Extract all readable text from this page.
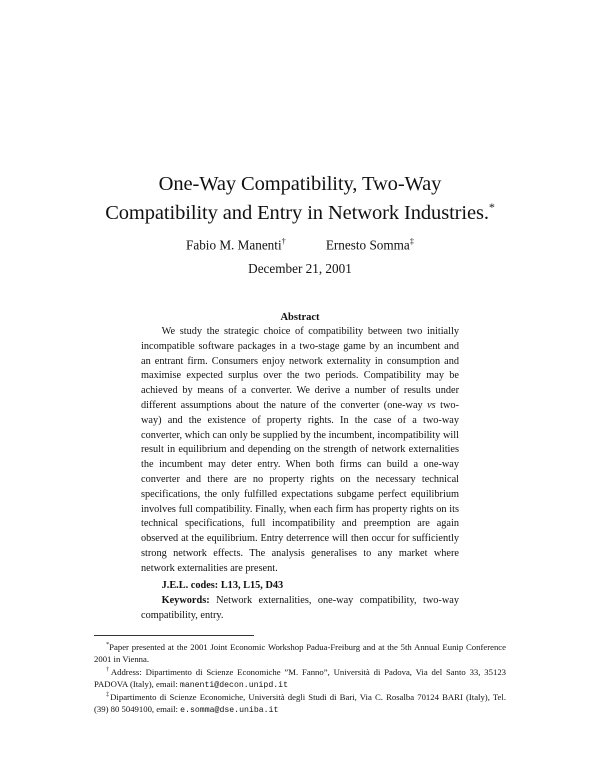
One-Way Compatibility, Two-Way
Compatibility and Entry in Network Industries.*
Fabio M. Manenti†	Ernesto Somma‡
December 21, 2001
Abstract

We study the strategic choice of compatibility between two initially incompatible software packages in a two-stage game by an incumbent and an entrant firm. Consumers enjoy network externality in consumption and maximise expected surplus over the two periods. Compatibility may be achieved by means of a converter. We derive a number of results under different assumptions about the nature of the converter (one-way vs two-way) and the existence of property rights. In the case of a two-way converter, which can only be supplied by the incumbent, incompatibility will result in equilibrium and depending on the strength of network externalities the incumbent may deter entry. When both firms can build a one-way converter and there are no property rights on the necessary technical specifications, the only fulfilled expectations subgame perfect equilibrium involves full compatibility. Finally, when each firm has property rights on its technical specifications, full incompatibility and preemption are again observed at the equilibrium. Entry deterrence will then occur for sufficiently strong network effects. The analysis generalises to any market where network externalities are present.

J.E.L. codes: L13, L15, D43
Keywords: Network externalities, one-way compatibility, two-way compatibility, entry.
*Paper presented at the 2001 Joint Economic Workshop Padua-Freiburg and at the 5th Annual Eunip Conference 2001 in Vienna.
†Address: Dipartimento di Scienze Economiche ”M. Fanno”, Università di Padova, Via del Santo 33, 35123 PADOVA (Italy), email: manenti@decon.unipd.it
‡Dipartimento di Scienze Economiche, Università degli Studi di Bari, Via C. Rosalba 70124 BARI (Italy), Tel. (39) 80 5049100, email: e.somma@dse.uniba.it
